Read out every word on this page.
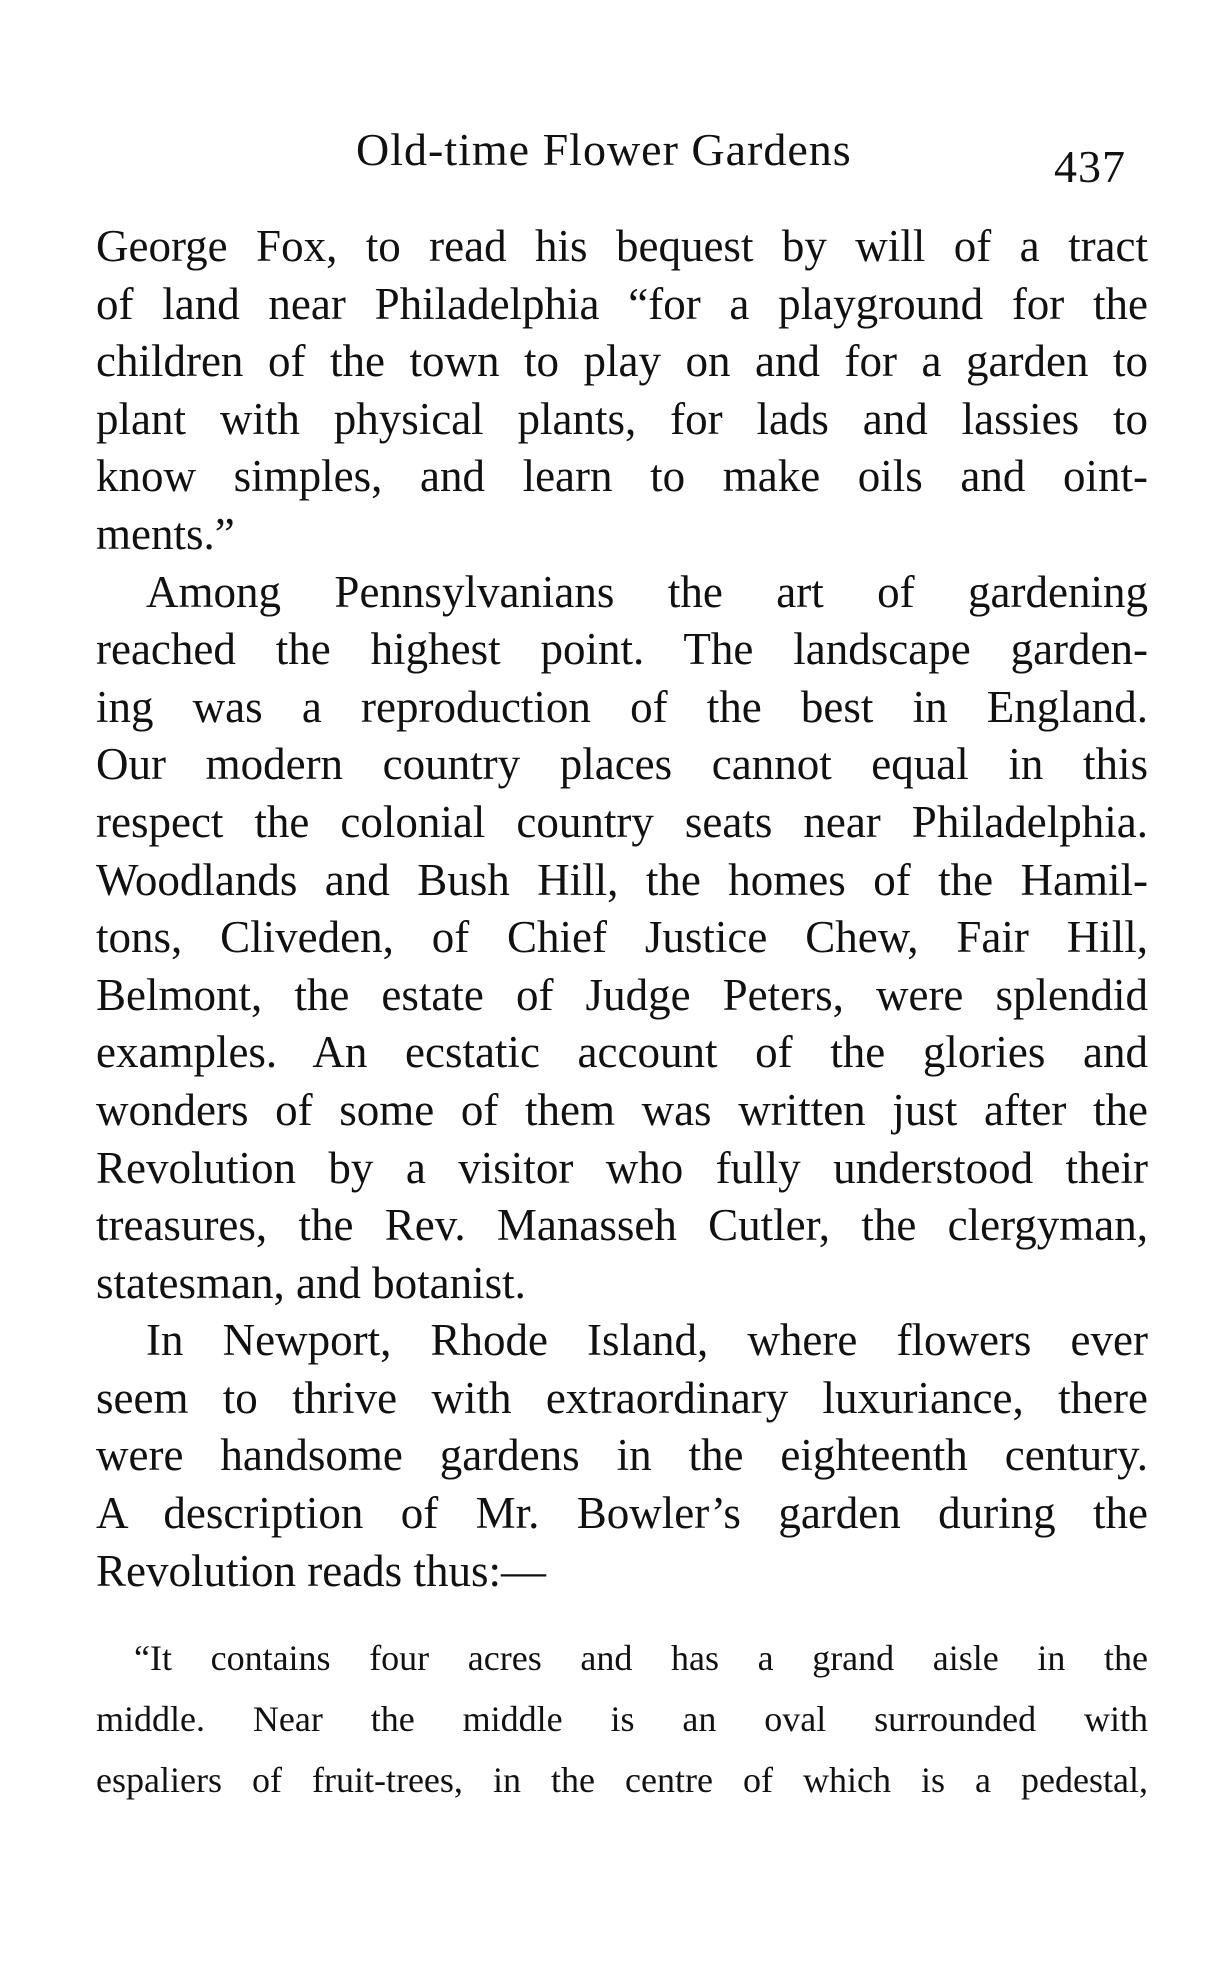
Old-time Flower Gardens	437
George Fox, to read his bequest by will of a tract
of land near Philadelphia “for a playground for the
children of the town to play on and for a garden to
plant with physical plants, for lads and lassies to
know simples, and learn to make oils and oint-
ments.”
Among Pennsylvanians the art of gardening
reached the highest point. The landscape garden-
ing was a reproduction of the best in England.
Our modern country places cannot equal in this
respect the colonial country seats near Philadelphia.
Woodlands and Bush Hill, the homes of the Hamil-
tons, Cliveden, of Chief Justice Chew, Fair Hill,
Belmont, the estate of Judge Peters, were splendid
examples. An ecstatic account of the glories and
wonders of some of them was written just after the
Revolution by a visitor who fully understood their
treasures, the Rev. Manasseh Cutler, the clergyman,
statesman, and botanist.
In Newport, Rhode Island, where flowers ever
seem to thrive with extraordinary luxuriance, there
were handsome gardens in the eighteenth century.
A description of Mr. Bowler’s garden during the
Revolution reads thus:—
“It contains four acres and has a grand aisle in the
middle. Near the middle is an oval surrounded with
espaliers of fruit-trees, in the centre of which is a pedestal,
